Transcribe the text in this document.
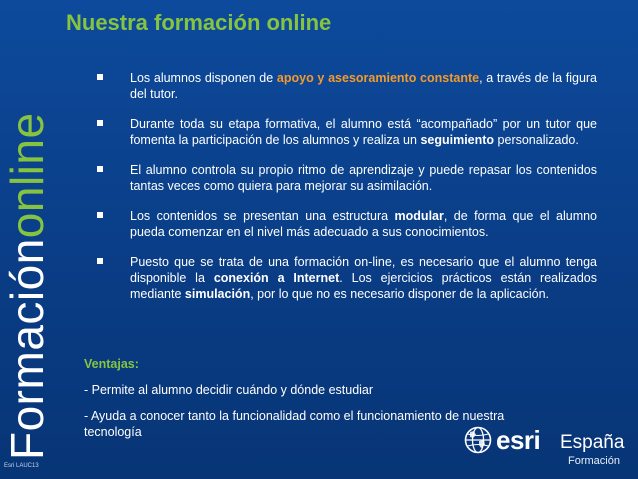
Formaciónonline
Nuestra formación online
Los alumnos disponen de apoyo y asesoramiento constante, a través de la figura del tutor.
Durante toda su etapa formativa, el alumno está “acompañado” por un tutor que fomenta la participación de los alumnos y realiza un seguimiento personalizado.
El alumno controla su propio ritmo de aprendizaje y puede repasar los contenidos tantas veces como quiera para mejorar su asimilación.
Los contenidos se presentan una estructura modular, de forma que el alumno pueda comenzar en el nivel más adecuado a sus conocimientos.
Puesto que se trata de una formación on-line, es necesario que el alumno tenga disponible la conexión a Internet. Los ejercicios prácticos están realizados mediante simulación, por lo que no es necesario disponer de la aplicación.
Ventajas:
- Permite al alumno decidir cuándo y dónde estudiar
- Ayuda a conocer tanto la funcionalidad como el funcionamiento de nuestra tecnología
Esri LAUC13
esri España
Formación
